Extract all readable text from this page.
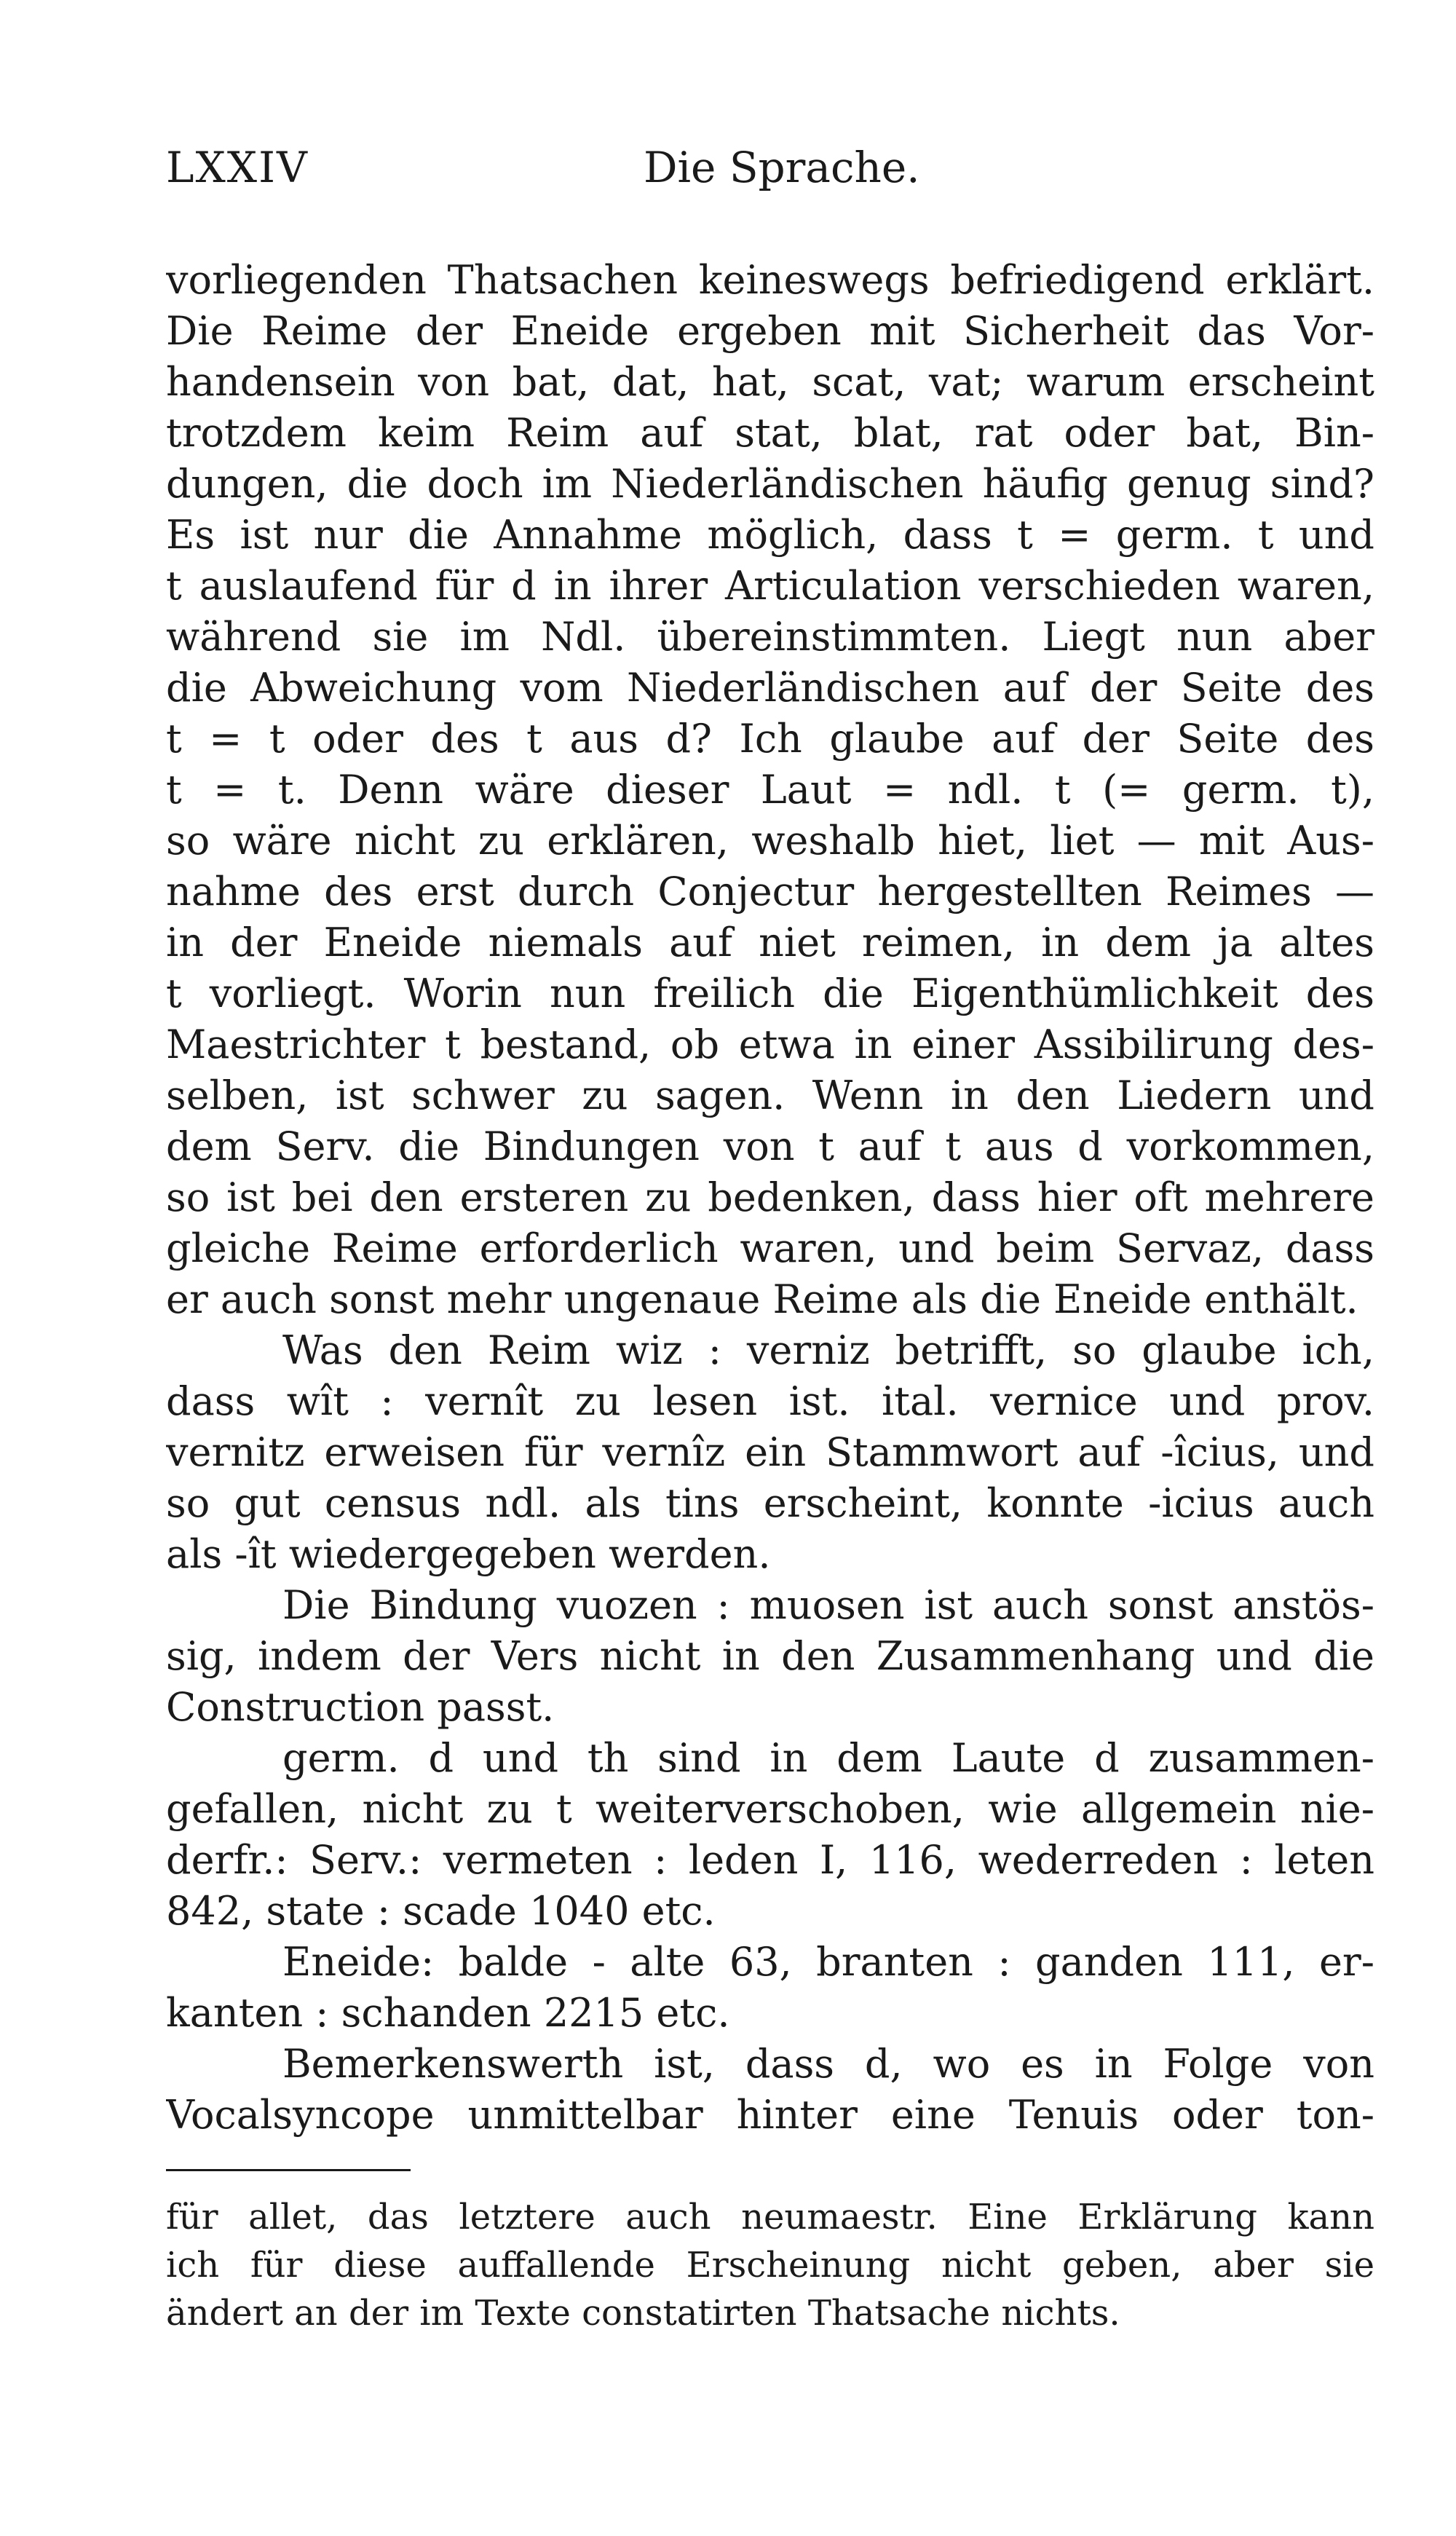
LXXIV	Die Sprache.
vorliegenden Thatsachen keineswegs befriedigend erklärt.
Die Reime der Eneide ergeben mit Sicherheit das Vor-
handensein von bat, dat, hat, scat, vat; warum erscheint
trotzdem keim Reim auf stat, blat, rat oder bat, Bin-
dungen, die doch im Niederländischen häufig genug sind?
Es ist nur die Annahme möglich, dass t = germ. t und
t auslaufend für d in ihrer Articulation verschieden waren,
während sie im Ndl. übereinstimmten. Liegt nun aber
die Abweichung vom Niederländischen auf der Seite des
t = t oder des t aus d? Ich glaube auf der Seite des
t = t. Denn wäre dieser Laut = ndl. t (= germ. t),
so wäre nicht zu erklären, weshalb hiet, liet — mit Aus-
nahme des erst durch Conjectur hergestellten Reimes —
in der Eneide niemals auf niet reimen, in dem ja altes
t vorliegt. Worin nun freilich die Eigenthümlichkeit des
Maestrichter t bestand, ob etwa in einer Assibilirung des-
selben, ist schwer zu sagen. Wenn in den Liedern und
dem Serv. die Bindungen von t auf t aus d vorkommen,
so ist bei den ersteren zu bedenken, dass hier oft mehrere
gleiche Reime erforderlich waren, und beim Servaz, dass
er auch sonst mehr ungenaue Reime als die Eneide enthält.
Was den Reim wiz : verniz betrifft, so glaube ich,
dass wît : vernît zu lesen ist. ital. vernice und prov.
vernitz erweisen für vernîz ein Stammwort auf -îcius, und
so gut census ndl. als tins erscheint, konnte -icius auch
als -ît wiedergegeben werden.
Die Bindung vuozen : muosen ist auch sonst anstös-
sig, indem der Vers nicht in den Zusammenhang und die
Construction passt.
germ. d und th sind in dem Laute d zusammen-
gefallen, nicht zu t weiterverschoben, wie allgemein nie-
derfr.: Serv.: vermeten : leden I, 116, wederreden : leten
842, state : scade 1040 etc.
Eneide: balde - alte 63, branten : ganden 111, er-
kanten : schanden 2215 etc.
Bemerkenswerth ist, dass d, wo es in Folge von
Vocalsyncope unmittelbar hinter eine Tenuis oder ton-
für allet, das letztere auch neumaestr. Eine Erklärung kann
ich für diese auffallende Erscheinung nicht geben, aber sie
ändert an der im Texte constatirten Thatsache nichts.
